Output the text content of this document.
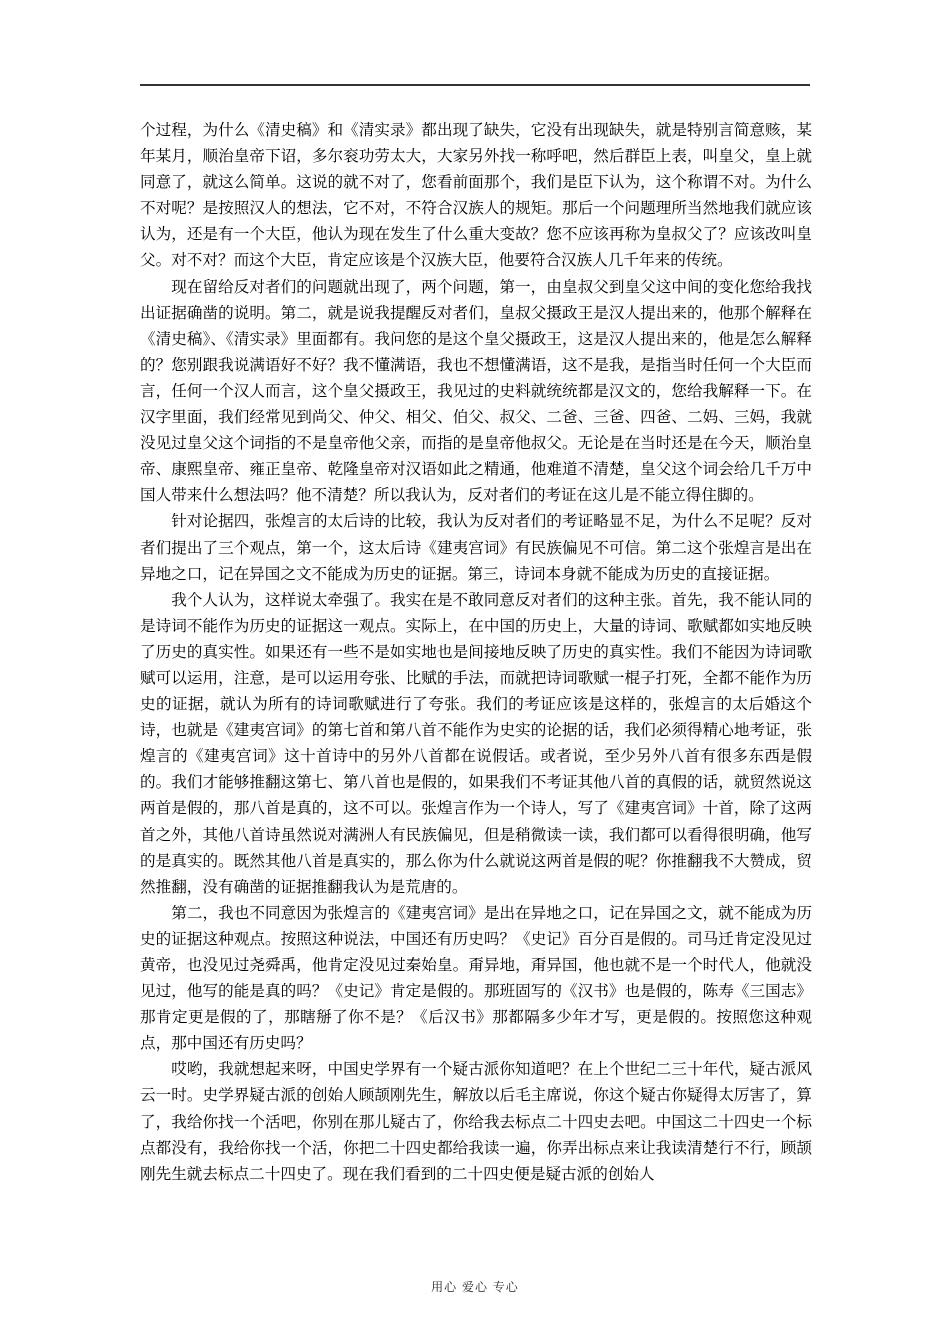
个过程，为什么《清史稿》和《清实录》都出现了缺失，它没有出现缺失，就是特别言简意赅，某年某月，顺治皇帝下诏，多尔衮功劳太大，大家另外找一称呼吧，然后群臣上表，叫皇父，皇上就同意了，就这么简单。这说的就不对了，您看前面那个，我们是臣下认为，这个称谓不对。为什么不对呢？是按照汉人的想法，它不对，不符合汉族人的规矩。那后一个问题理所当然地我们就应该认为，还是有一个大臣，他认为现在发生了什么重大变故？您不应该再称为皇叔父了？应该改叫皇父。对不对？而这个大臣，肯定应该是个汉族大臣，他要符合汉族人几千年来的传统。

现在留给反对者们的问题就出现了，两个问题，第一，由皇叔父到皇父这中间的变化您给我找出证据确凿的说明。第二，就是说我提醒反对者们，皇叔父摄政王是汉人提出来的，他那个解释在《清史稿》、《清实录》里面都有。我问您的是这个皇父摄政王，这是汉人提出来的，他是怎么解释的？您别跟我说满语好不好？我不懂满语，我也不想懂满语，这不是我，是指当时任何一个大臣而言，任何一个汉人而言，这个皇父摄政王，我见过的史料就统统都是汉文的，您给我解释一下。在汉字里面，我们经常见到尚父、仲父、相父、伯父、叔父、二爸、三爸、四爸、二妈、三妈，我就没见过皇父这个词指的不是皇帝他父亲，而指的是皇帝他叔父。无论是在当时还是在今天，顺治皇帝、康熙皇帝、雍正皇帝、乾隆皇帝对汉语如此之精通，他难道不清楚，皇父这个词会给几千万中国人带来什么想法吗？他不清楚？所以我认为，反对者们的考证在这儿是不能立得住脚的。

针对论据四，张煌言的太后诗的比较，我认为反对者们的考证略显不足，为什么不足呢？反对者们提出了三个观点，第一个，这太后诗《建夷宫词》有民族偏见不可信。第二这个张煌言是出在异地之口，记在异国之文不能成为历史的证据。第三，诗词本身就不能成为历史的直接证据。

我个人认为，这样说太牵强了。我实在是不敢同意反对者们的这种主张。首先，我不能认同的是诗词不能作为历史的证据这一观点。实际上，在中国的历史上，大量的诗词、歌赋都如实地反映了历史的真实性。如果还有一些不是如实地也是间接地反映了历史的真实性。我们不能因为诗词歌赋可以运用，注意，是可以运用夸张、比赋的手法，而就把诗词歌赋一棍子打死，全都不能作为历史的证据，就认为所有的诗词歌赋进行了夸张。我们的考证应该是这样的，张煌言的太后婚这个诗，也就是《建夷宫词》的第七首和第八首不能作为史实的论据的话，我们必须得精心地考证，张煌言的《建夷宫词》这十首诗中的另外八首都在说假话。或者说，至少另外八首有很多东西是假的。我们才能够推翻这第七、第八首也是假的，如果我们不考证其他八首的真假的话，就贸然说这两首是假的，那八首是真的，这不可以。张煌言作为一个诗人，写了《建夷宫词》十首，除了这两首之外，其他八首诗虽然说对满洲人有民族偏见，但是稍微读一读，我们都可以看得很明确，他写的是真实的。既然其他八首是真实的，那么你为什么就说这两首是假的呢？你推翻我不大赞成，贸然推翻，没有确凿的证据推翻我认为是荒唐的。

第二，我也不同意因为张煌言的《建夷宫词》是出在异地之口，记在异国之文，就不能成为历史的证据这种观点。按照这种说法，中国还有历史吗？《史记》百分百是假的。司马迁肯定没见过黄帝，也没见过尧舜禹，他肯定没见过秦始皇。甭异地，甭异国，他也就不是一个时代人，他就没见过，他写的能是真的吗？《史记》肯定是假的。那班固写的《汉书》也是假的，陈寿《三国志》那肯定更是假的了，那瞎掰了你不是？《后汉书》那都隔多少年才写，更是假的。按照您这种观点，那中国还有历史吗？

哎哟，我就想起来呀，中国史学界有一个疑古派你知道吧？在上个世纪二三十年代，疑古派风云一时。史学界疑古派的创始人顾颉刚先生，解放以后毛主席说，你这个疑古你疑得太厉害了，算了，我给你找一个活吧，你别在那儿疑古了，你给我去标点二十四史去吧。中国这二十四史一个标点都没有，我给你找一个活，你把二十四史都给我读一遍，你弄出标点来让我读清楚行不行，顾颉刚先生就去标点二十四史了。现在我们看到的二十四史便是疑古派的创始人

用心 爱心 专心
